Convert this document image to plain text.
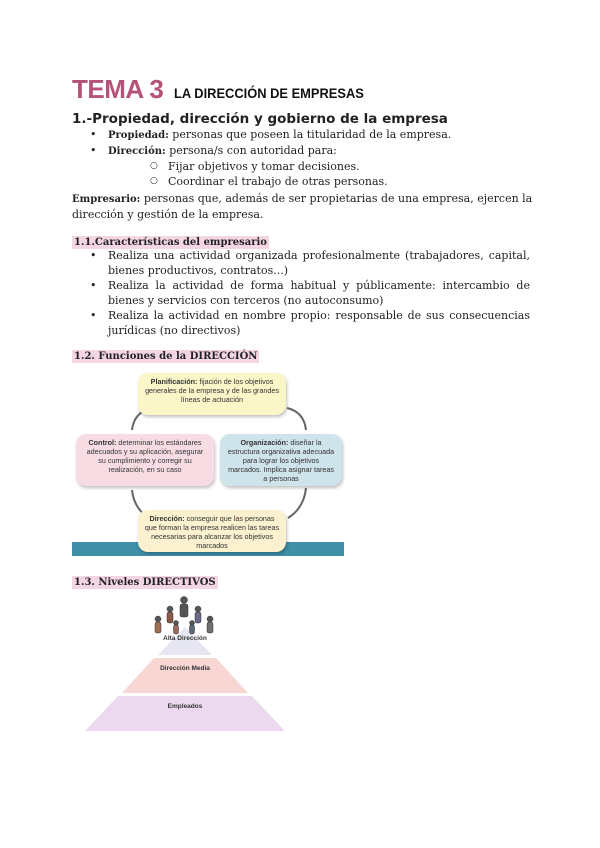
TEMA 3 LA DIRECCIÓN DE EMPRESAS
1.-Propiedad, dirección y gobierno de la empresa
• Propiedad: personas que poseen la titularidad de la empresa.
• Dirección: persona/s con autoridad para:
○ Fijar objetivos y tomar decisiones.
○ Coordinar el trabajo de otras personas.
Empresario: personas que, además de ser propietarias de una empresa, ejercen la dirección y gestión de la empresa.
1.1.Características del empresario
• Realiza una actividad organizada profesionalmente (trabajadores, capital, bienes productivos, contratos...)
• Realiza la actividad de forma habitual y públicamente: intercambio de bienes y servicios con terceros (no autoconsumo)
• Realiza la actividad en nombre propio: responsable de sus consecuencias jurídicas (no directivos)
1.2. Funciones de la DIRECCIÓN
Planificación: fijación de los objetivos generales de la empresa y de las grandes líneas de actuación
Control: determinar los estándares adecuados y su aplicación, asegurar su cumplimiento y corregir su realización, en su caso
Organización: diseñar la estructura organizativa adecuada para lograr los objetivos marcados. Implica asignar tareas a personas
Dirección: conseguir que las personas que forman la empresa realicen las tareas necesarias para alcanzar los objetivos marcados
1.3. Niveles DIRECTIVOS
Alta Dirección
Dirección Media
Empleados
